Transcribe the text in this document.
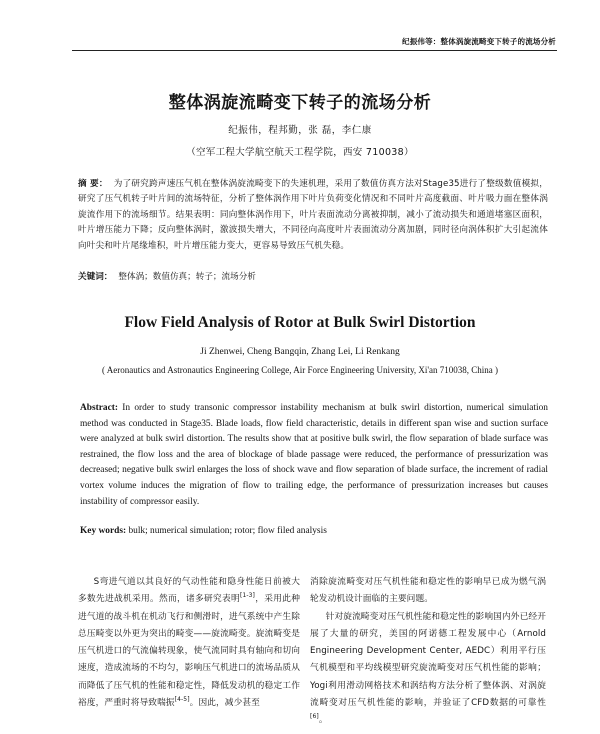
纪振伟等：整体涡旋流畸变下转子的流场分析
整体涡旋流畸变下转子的流场分析
纪振伟，程邦勤，张 磊，李仁康
（空军工程大学航空航天工程学院，西安 710038）
摘 要： 为了研究跨声速压气机在整体涡旋流畸变下的失速机理，采用了数值仿真方法对Stage35进行了整级数值模拟，研究了压气机转子叶片间的流场特征，分析了整体涡作用下叶片负荷变化情况和不同叶片高度截面、叶片吸力面在整体涡旋流作用下的流场细节。结果表明：同向整体涡作用下，叶片表面流动分离被抑制，减小了流动损失和通道堵塞区面积，叶片增压能力下降；反向整体涡时，激波损失增大，不同径向高度叶片表面流动分离加剧，同时径向涡体积扩大引起流体向叶尖和叶片尾缘堆积，叶片增压能力变大，更容易导致压气机失稳。
关键词： 整体涡；数值仿真；转子；流场分析
Flow Field Analysis of Rotor at Bulk Swirl Distortion
Ji Zhenwei, Cheng Bangqin, Zhang Lei, Li Renkang
( Aeronautics and Astronautics Engineering College, Air Force Engineering University, Xi'an 710038, China )
Abstract: In order to study transonic compressor instability mechanism at bulk swirl distortion, numerical simulation method was conducted in Stage35. Blade loads, flow field characteristic, details in different span wise and suction surface were analyzed at bulk swirl distortion. The results show that at positive bulk swirl, the flow separation of blade surface was restrained, the flow loss and the area of blockage of blade passage were reduced, the performance of pressurization was decreased; negative bulk swirl enlarges the loss of shock wave and flow separation of blade surface, the increment of radial vortex volume induces the migration of flow to trailing edge, the performance of pressurization increases but causes instability of compressor easily.
Key words: bulk; numerical simulation; rotor; flow filed analysis
S弯进气道以其良好的气动性能和隐身性能日前被大多数先进战机采用。然而，诸多研究表明[1-3]，采用此种进气道的战斗机在机动飞行和侧滑时，进气系统中产生除总压畸变以外更为突出的畸变——旋流畸变。旋流畸变是压气机进口的气流偏转现象，使气流同时具有轴向和切向速度，造成流场的不均匀，影响压气机进口的流场品质从而降低了压气机的性能和稳定性，降低发动机的稳定工作裕度，严重时将导致喘振[4-5]。因此，减少甚至
消除旋流畸变对压气机性能和稳定性的影响早已成为燃气涡轮发动机设计面临的主要问题。
针对旋流畸变对压气机性能和稳定性的影响国内外已经开展了大量的研究，美国的阿诺德工程发展中心（Arnold Engineering Development Center, AEDC）利用平行压气机模型和平均线模型研究旋流畸变对压气机性能的影响；Yogi利用滑动网格技术和涡结构方法分析了整体涡、对涡旋流畸变对压气机性能的影响，并验证了CFD数据的可靠性[6]。
